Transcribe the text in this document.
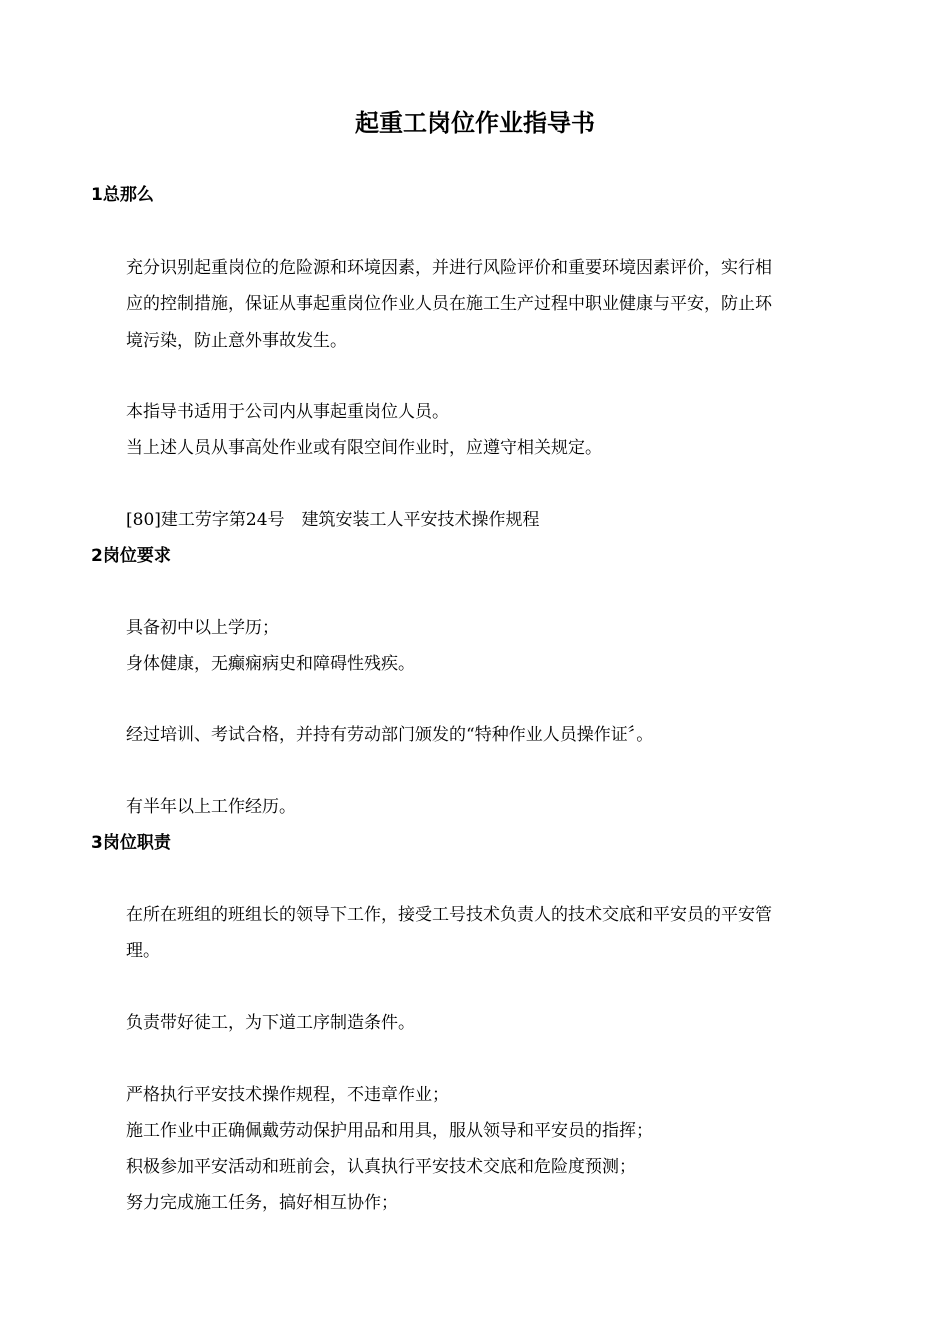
起重工岗位作业指导书
1总那么
充分识别起重岗位的危险源和环境因素，并进行风险评价和重要环境因素评价，实行相
应的控制措施，保证从事起重岗位作业人员在施工生产过程中职业健康与平安，防止环
境污染，防止意外事故发生。
本指导书适用于公司内从事起重岗位人员。
当上述人员从事高处作业或有限空间作业时，应遵守相关规定。
[80]建工劳字第24号　建筑安装工人平安技术操作规程
2岗位要求
具备初中以上学历；
身体健康，无癫痫病史和障碍性残疾。
经过培训、考试合格，并持有劳动部门颁发的“特种作业人员操作证〞。
有半年以上工作经历。
3岗位职责
在所在班组的班组长的领导下工作，接受工号技术负责人的技术交底和平安员的平安管
理。
负责带好徒工，为下道工序制造条件。
严格执行平安技术操作规程，不违章作业；
施工作业中正确佩戴劳动保护用品和用具，服从领导和平安员的指挥；
积极参加平安活动和班前会，认真执行平安技术交底和危险度预测；
努力完成施工任务，搞好相互协作；
